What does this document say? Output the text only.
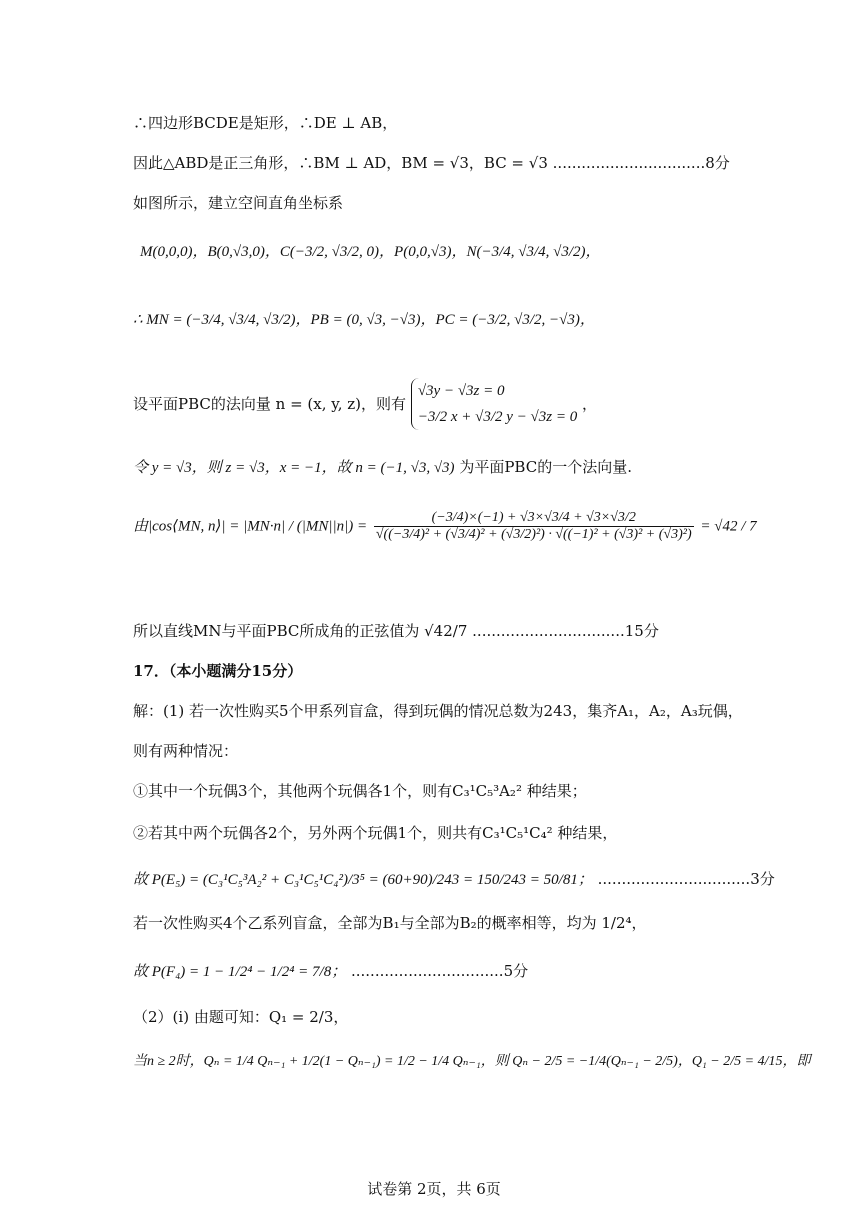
∴四边形BCDE是矩形，∴DE ⊥ AB，
因此△ABD是正三角形，∴BM ⊥ AD，BM = √3，BC = √3 ................................8分
如图所示，建立空间直角坐标系
M(0,0,0)，B(0,√3,0)，C(−3/2, √3/2, 0)，P(0,0,√3)，N(−3/4, √3/4, √3/2)，
∴ MN = (−3/4, √3/4, √3/2)，PB = (0, √3, −√3)，PC = (−3/2, √3/2, −√3)，
设平面PBC的法向量 n = (x, y, z)，则有
√3y − √3z = 0
−3/2 x + √3/2 y − √3z = 0
，
令 y = √3，则 z = √3，x = −1，故 n = (−1, √3, √3) 为平面PBC的一个法向量.
由|cos⟨MN, n⟩| = $|MN\cdot n| / (|MN||n|) = \frac{(-3/4)\times(-1) + √3\times√3/4 + √3\times√3/2}{\text{√((−3/4)² + (√3/4)² + (√3/2)²) · √((−1)² + (√3)² + (√3)²)}} = √42 / 7$
所以直线MN与平面PBC所成角的正弦值为 √42/7 ................................15分
17．（本小题满分15分）
解：(1) 若一次性购买5个甲系列盲盒，得到玩偶的情况总数为243，集齐A₁，A₂，A₃玩偶，
则有两种情况：
①其中一个玩偶3个，其他两个玩偶各1个，则有C₃¹C₅³A₂² 种结果；
②若其中两个玩偶各2个，另外两个玩偶1个，则共有C₃¹C₅¹C₄² 种结果，
故 P(E₅) = (C₃¹C₅³A₂² + C₃¹C₅¹C₄²)/3⁵ = (60+90)/243 = 150/243 = 50/81； ................................3分
若一次性购买4个乙系列盲盒，全部为B₁与全部为B₂的概率相等，均为 1/2⁴，
故 P(F₄) = 1 − 1/2⁴ − 1/2⁴ = 7/8； ................................5分
（2）(i) 由题可知：Q₁ = 2/3，
当n ≥ 2时，Qₙ = 1/4 Qₙ₋₁ + 1/2(1 − Qₙ₋₁) = 1/2 − 1/4 Qₙ₋₁，则 Qₙ − 2/5 = −1/4(Qₙ₋₁ − 2/5)，Q₁ − 2/5 = 4/15，即
试卷第 2页，共 6页
